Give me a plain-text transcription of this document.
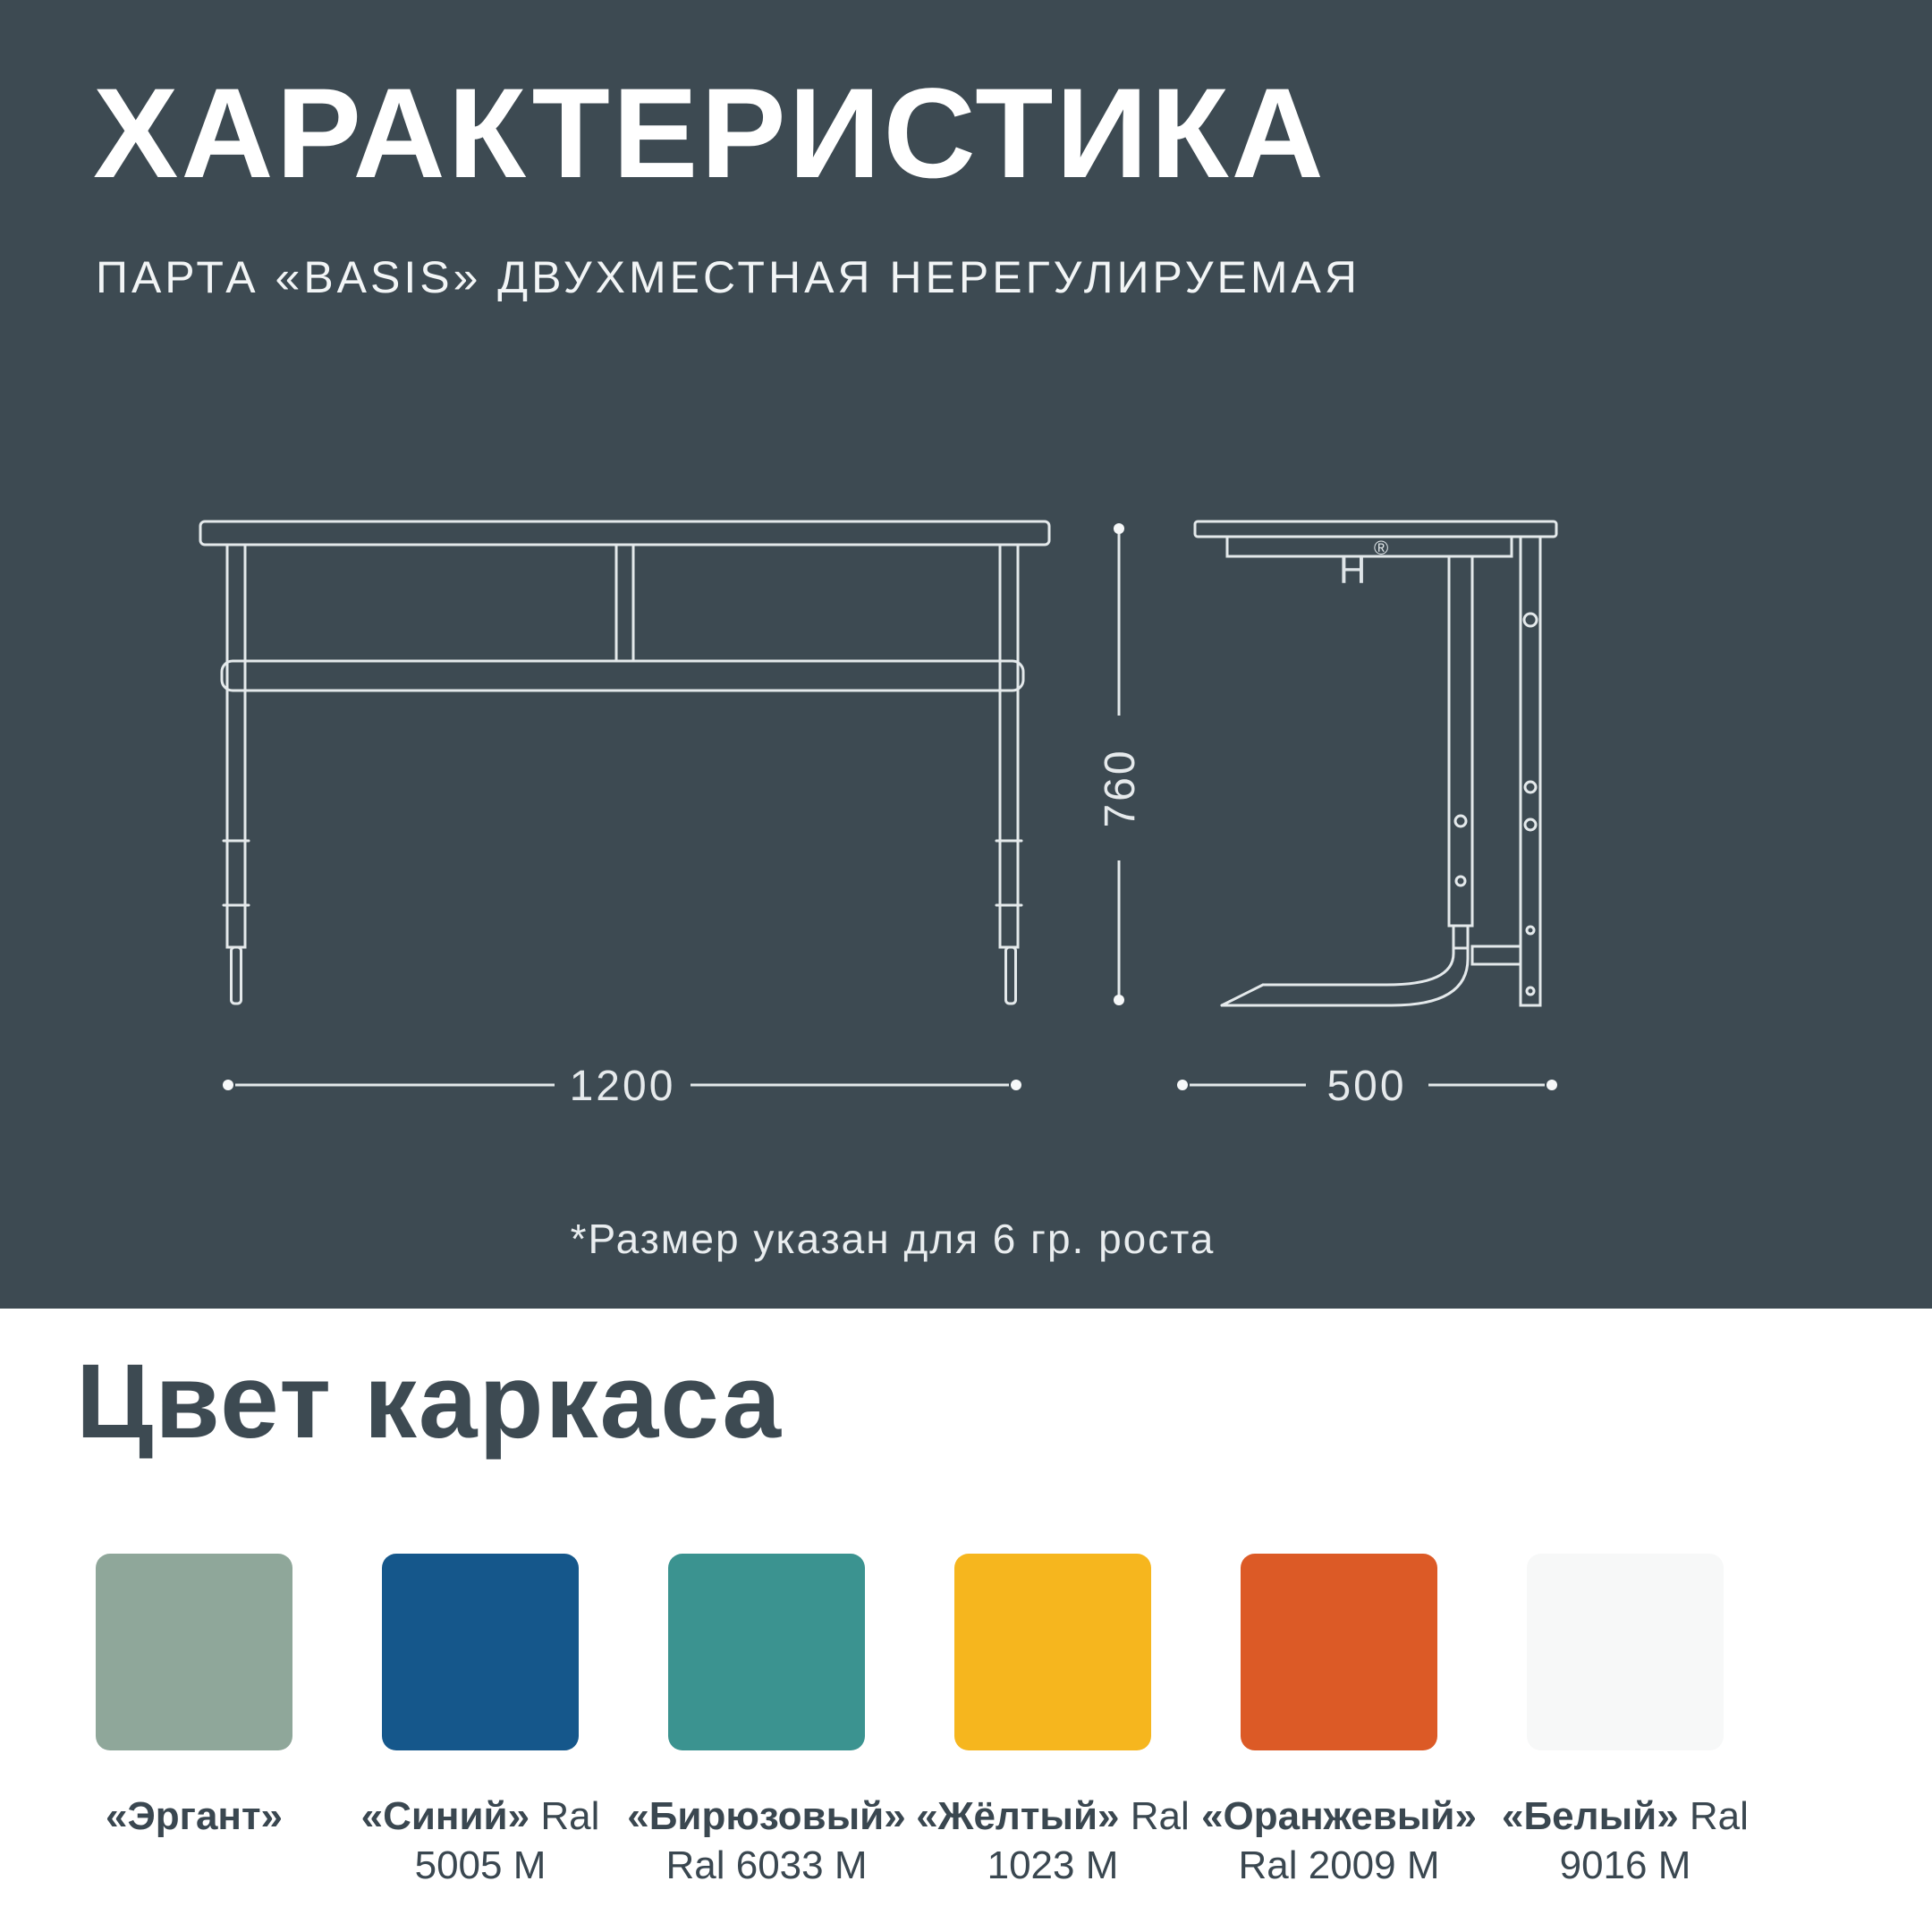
ХАРАКТЕРИСТИКА

ПАРТА «BASIS» ДВУХМЕСТНАЯ НЕРЕГУЛИРУЕМАЯ

760
1200	500
H
®

*Размер указан для 6 гр. роста

Цвет каркаса
«Эргант»	«Синий» Ral 5005 M
«Бирюзовый» Ral 6033 M
«Жёлтый» Ral 1023 M
«Оранжевый» Ral 2009 M
«Белый» Ral 9016 M
